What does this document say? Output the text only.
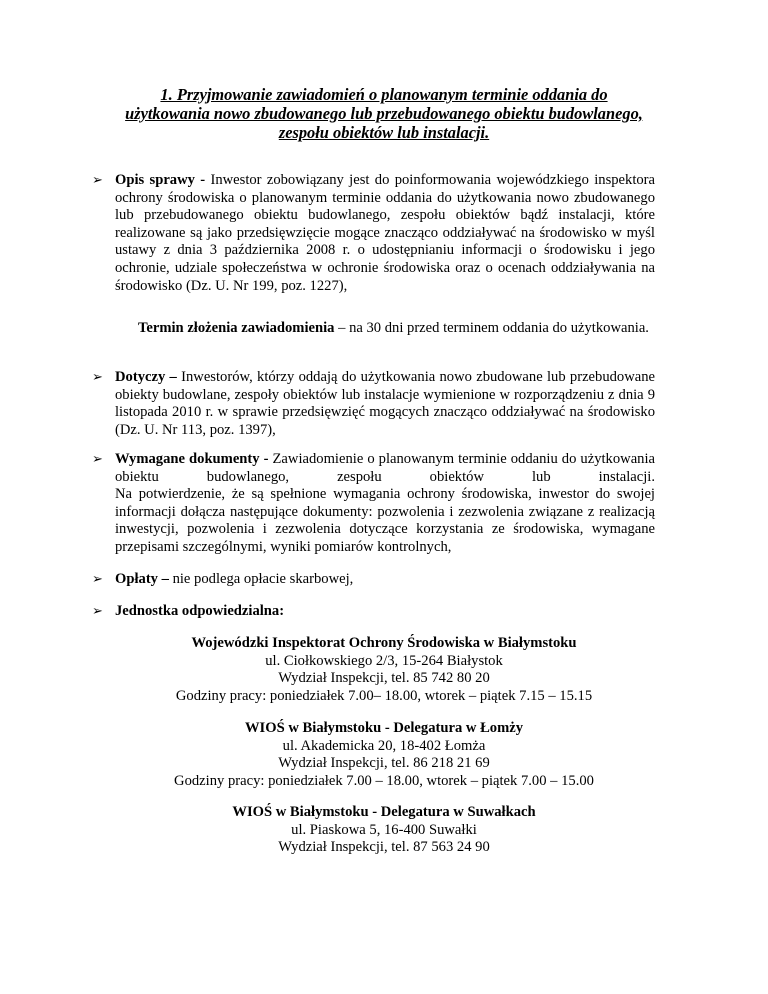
1. Przyjmowanie zawiadomień o planowanym terminie oddania do
użytkowania nowo zbudowanego lub przebudowanego obiektu budowlanego,
zespołu obiektów lub instalacji.
➢ Opis sprawy - Inwestor zobowiązany jest do poinformowania wojewódzkiego inspektora ochrony środowiska o planowanym terminie oddania do użytkowania nowo zbudowanego lub przebudowanego obiektu budowlanego, zespołu obiektów bądź instalacji, które realizowane są jako przedsięwzięcie mogące znacząco oddziaływać na środowisko w myśl ustawy z dnia 3 października 2008 r. o udostępnianiu informacji o środowisku i jego ochronie, udziale społeczeństwa w ochronie środowiska oraz o ocenach oddziaływania na środowisko (Dz. U. Nr 199, poz. 1227),
Termin złożenia zawiadomienia – na 30 dni przed terminem oddania do użytkowania.
➢ Dotyczy – Inwestorów, którzy oddają do użytkowania nowo zbudowane lub przebudowane obiekty budowlane, zespoły obiektów lub instalacje wymienione w rozporządzeniu z dnia 9 listopada 2010 r. w sprawie przedsięwzięć mogących znacząco oddziaływać na środowisko (Dz. U. Nr 113, poz. 1397),
➢ Wymagane dokumenty - Zawiadomienie o planowanym terminie oddaniu do użytkowania obiektu budowlanego, zespołu obiektów lub instalacji.
Na potwierdzenie, że są spełnione wymagania ochrony środowiska, inwestor do swojej informacji dołącza następujące dokumenty: pozwolenia i zezwolenia związane z realizacją inwestycji, pozwolenia i zezwolenia dotyczące korzystania ze środowiska, wymagane przepisami szczególnymi, wyniki pomiarów kontrolnych,
➢ Opłaty – nie podlega opłacie skarbowej,
➢ Jednostka odpowiedzialna:
Wojewódzki Inspektorat Ochrony Środowiska w Białymstoku
ul. Ciołkowskiego 2/3, 15-264 Białystok
Wydział Inspekcji, tel. 85 742 80 20
Godziny pracy: poniedziałek 7.00– 18.00, wtorek – piątek 7.15 – 15.15
WIOŚ w Białymstoku - Delegatura w Łomży
ul. Akademicka 20, 18-402 Łomża
Wydział Inspekcji, tel. 86 218 21 69
Godziny pracy: poniedziałek 7.00 – 18.00, wtorek – piątek 7.00 – 15.00
WIOŚ w Białymstoku - Delegatura w Suwałkach
ul. Piaskowa 5, 16-400 Suwałki
Wydział Inspekcji, tel. 87 563 24 90
